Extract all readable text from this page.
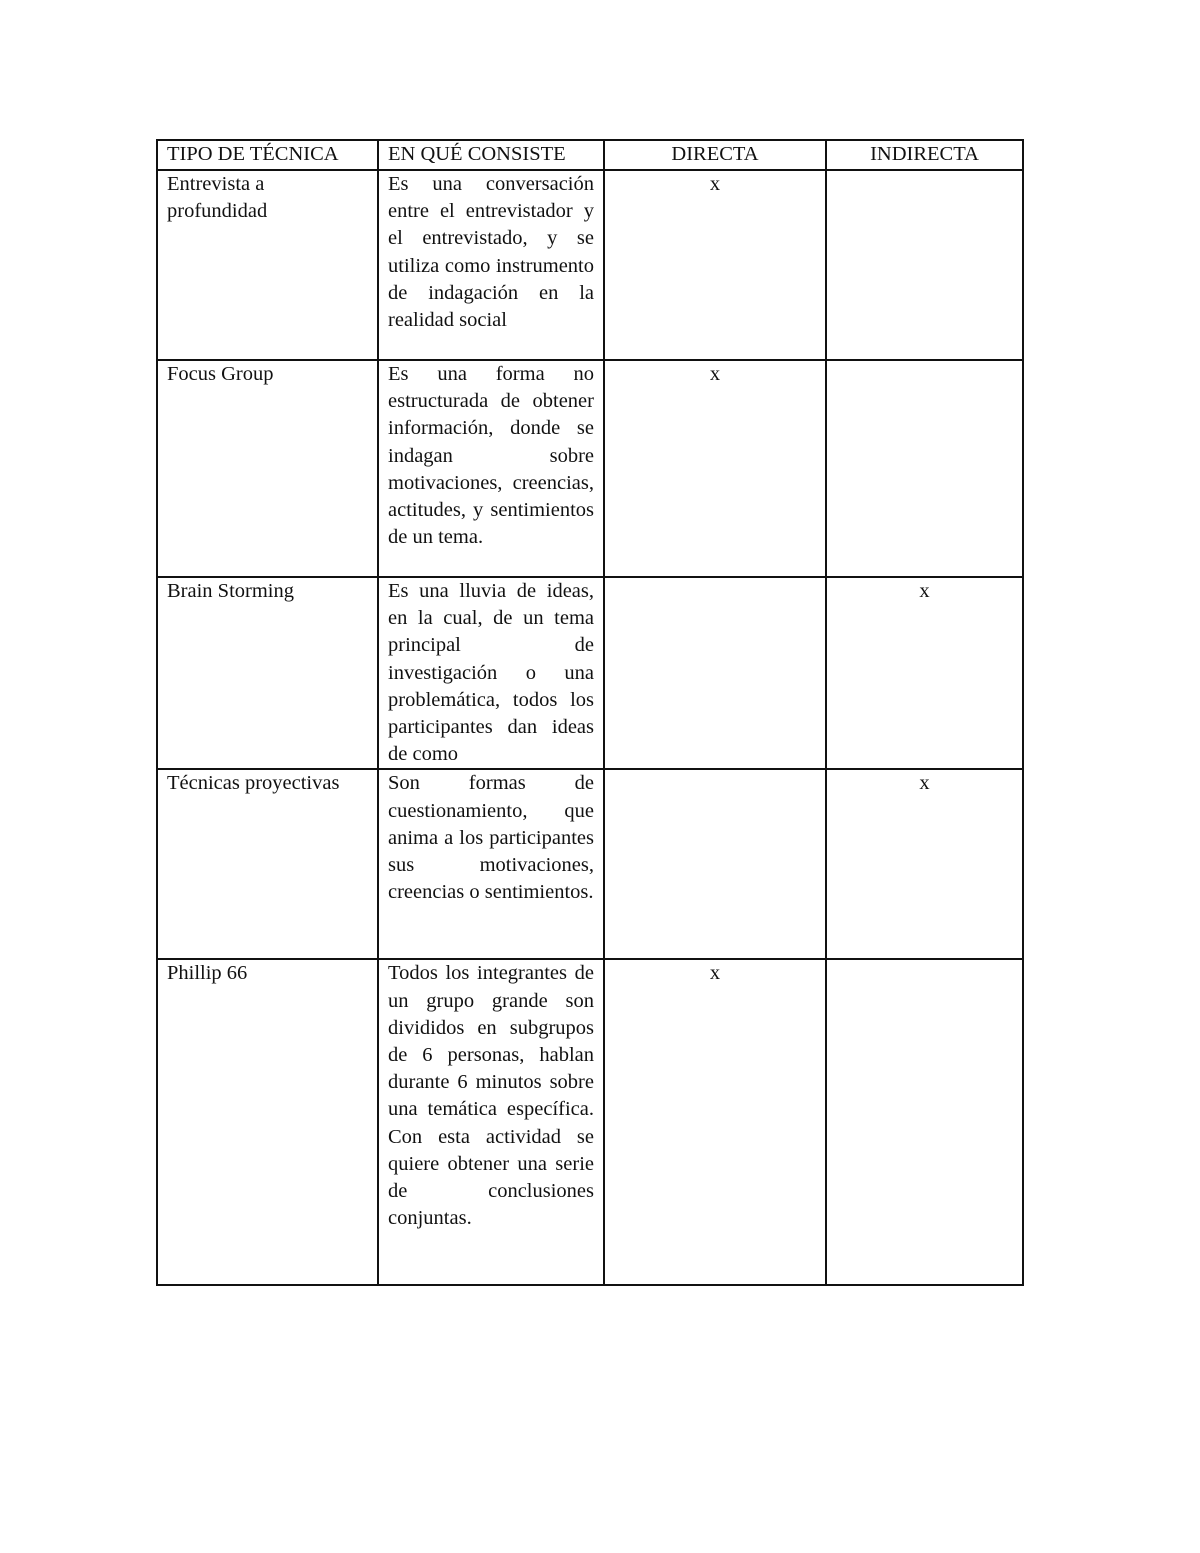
TIPO DE TÉCNICA	EN QUÉ CONSISTE	DIRECTA	INDIRECTA
Entrevista a profundidad	Es una conversación entre el entrevistador y el entrevistado, y se utiliza como instrumento de indagación en la realidad social	x	
Focus Group	Es una forma no estructurada de obtener información, donde se indagan sobre motivaciones, creencias, actitudes, y sentimientos de un tema.	x	
Brain Storming	Es una lluvia de ideas, en la cual, de un tema principal de investigación o una problemática, todos los participantes dan ideas de como		x
Técnicas proyectivas	Son formas de cuestionamiento, que anima a los participantes sus motivaciones, creencias o sentimientos.		x
Phillip 66	Todos los integrantes de un grupo grande son divididos en subgrupos de 6 personas, hablan durante 6 minutos sobre una temática específica. Con esta actividad se quiere obtener una serie de conclusiones conjuntas.	x	
